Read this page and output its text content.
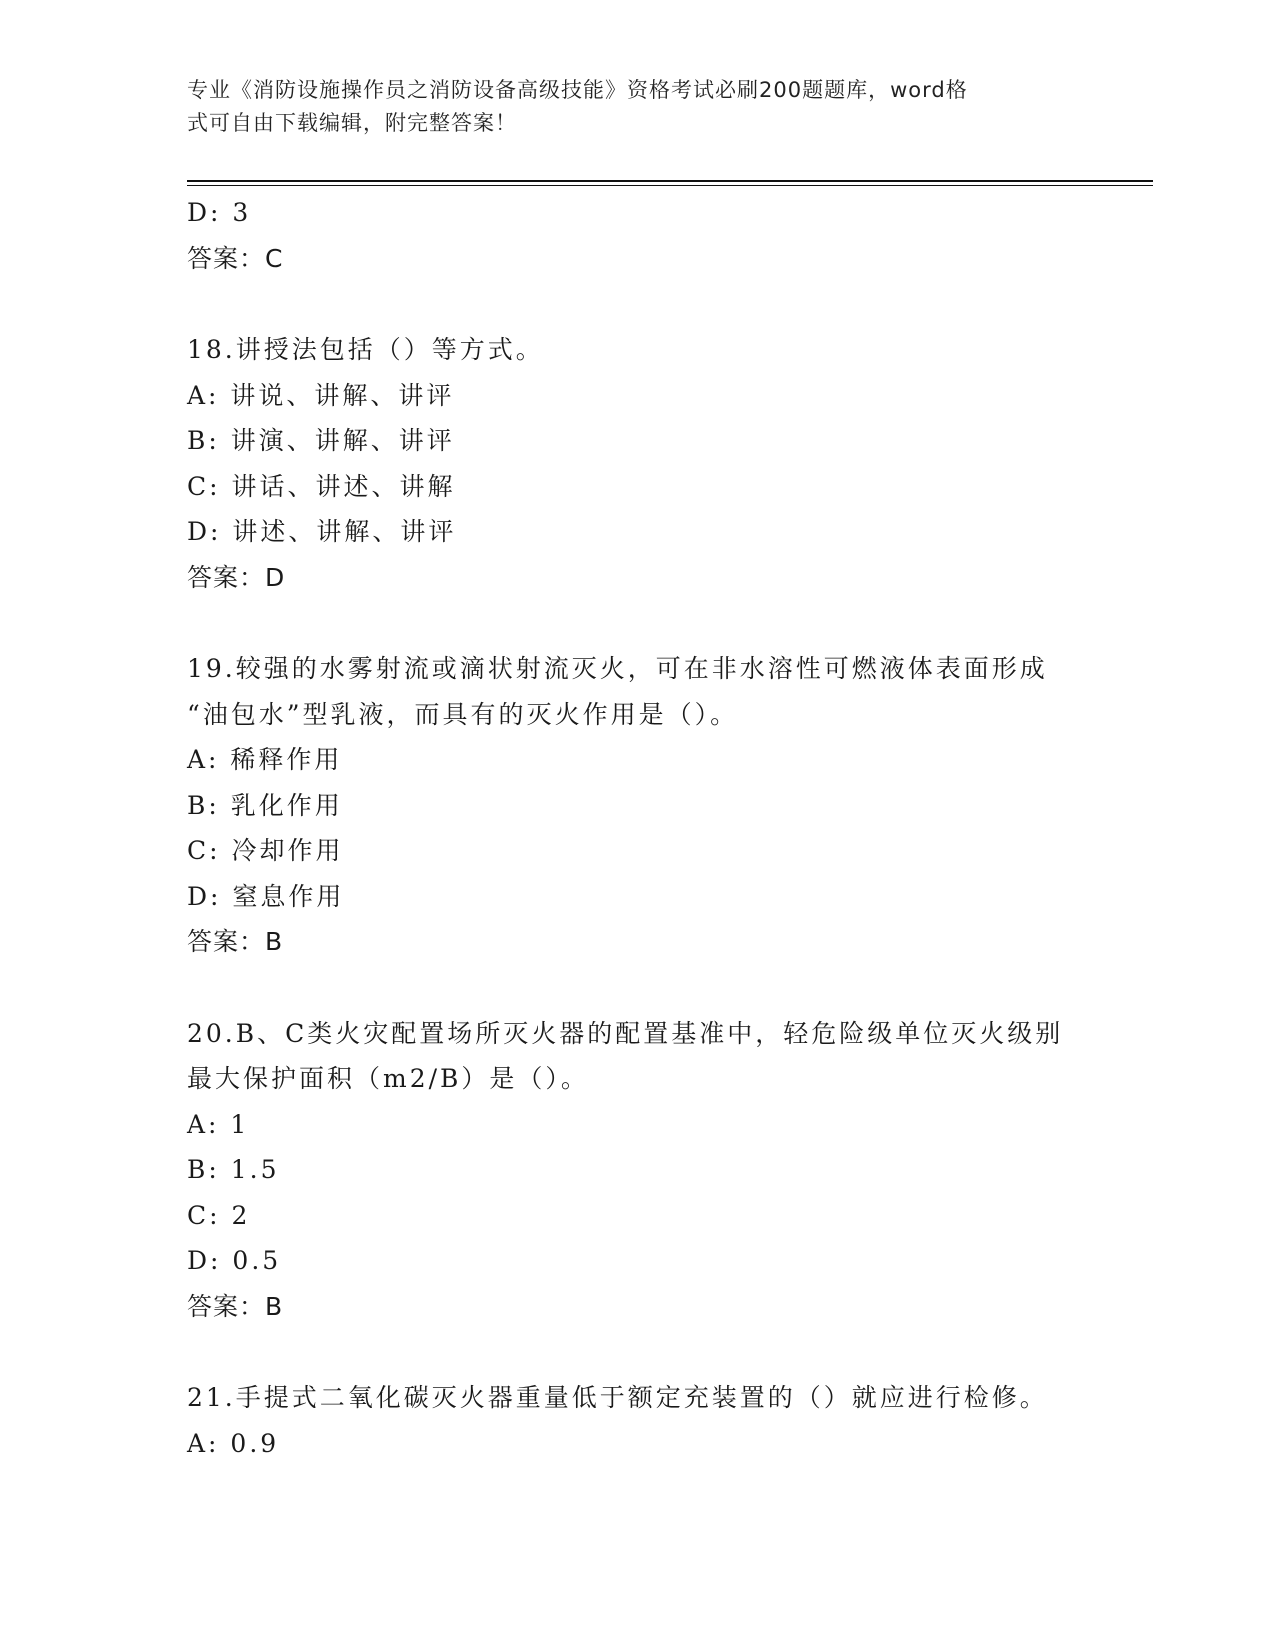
专业《消防设施操作员之消防设备高级技能》资格考试必刷200题题库，word格
式可自由下载编辑，附完整答案！
D: 3
答案：C
18.讲授法包括（）等方式。
A: 讲说、讲解、讲评
B: 讲演、讲解、讲评
C: 讲话、讲述、讲解
D: 讲述、讲解、讲评
答案：D
19.较强的水雾射流或滴状射流灭火，可在非水溶性可燃液体表面形成
“油包水”型乳液，而具有的灭火作用是（）。
A: 稀释作用
B: 乳化作用
C: 冷却作用
D: 窒息作用
答案：B
20.B、C类火灾配置场所灭火器的配置基准中，轻危险级单位灭火级别
最大保护面积（m2/B）是（）。
A: 1
B: 1.5
C: 2
D: 0.5
答案：B
21.手提式二氧化碳灭火器重量低于额定充装置的（）就应进行检修。
A: 0.9
